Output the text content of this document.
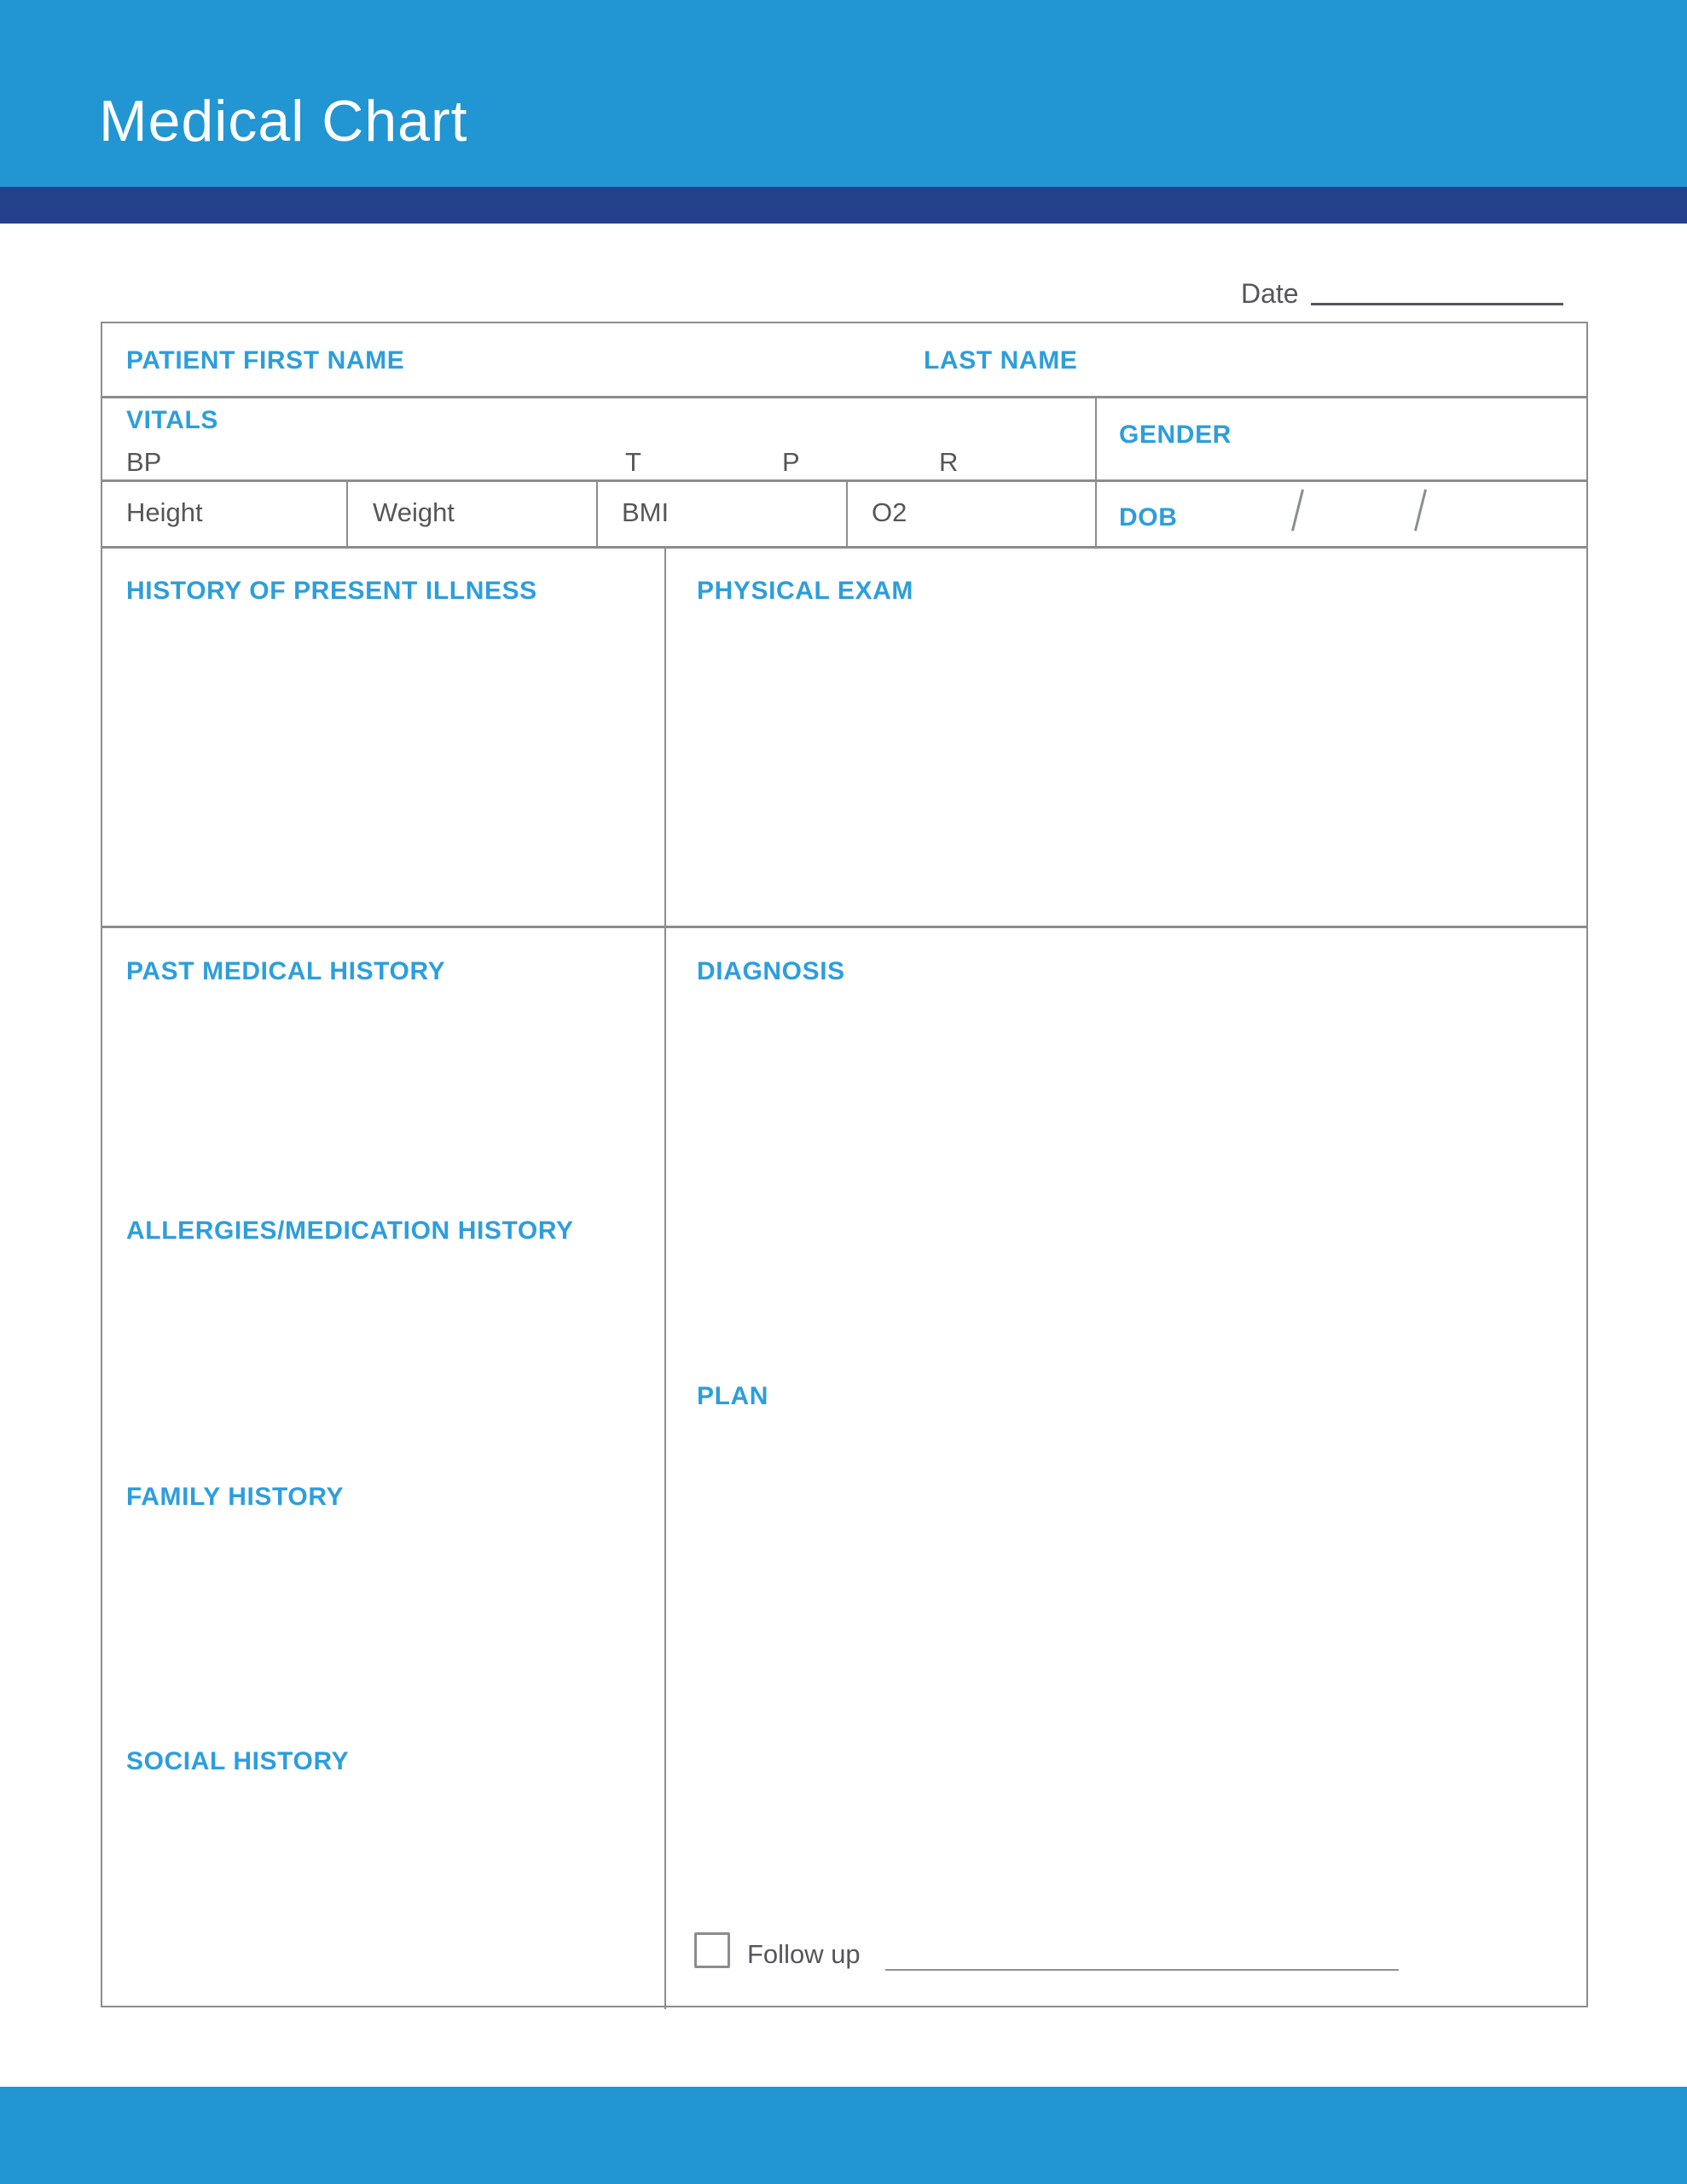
Medical Chart
Date
PATIENT FIRST NAME	LAST NAME
VITALS
BP	T	P	R
GENDER
Height	Weight	BMI	O2	DOB
HISTORY OF PRESENT ILLNESS	PHYSICAL EXAM
PAST MEDICAL HISTORY
ALLERGIES/MEDICATION HISTORY
FAMILY HISTORY
SOCIAL HISTORY
DIAGNOSIS
PLAN
Follow up
